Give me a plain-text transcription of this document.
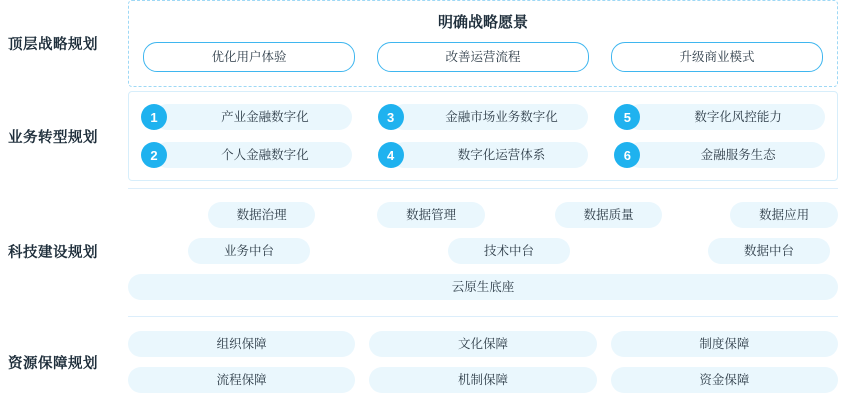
顶层战略规划
明确战略愿景
优化用户体验	改善运营流程	升级商业模式
业务转型规划
1	产业金融数字化	3	金融市场业务数字化	5	数字化风控能力
2	个人金融数字化	4	数字化运营体系	6	金融服务生态
科技建设规划
数据治理	数据管理	数据质量	数据应用
业务中台	技术中台	数据中台
云原生底座
资源保障规划
组织保障	文化保障	制度保障
流程保障	机制保障	资金保障
